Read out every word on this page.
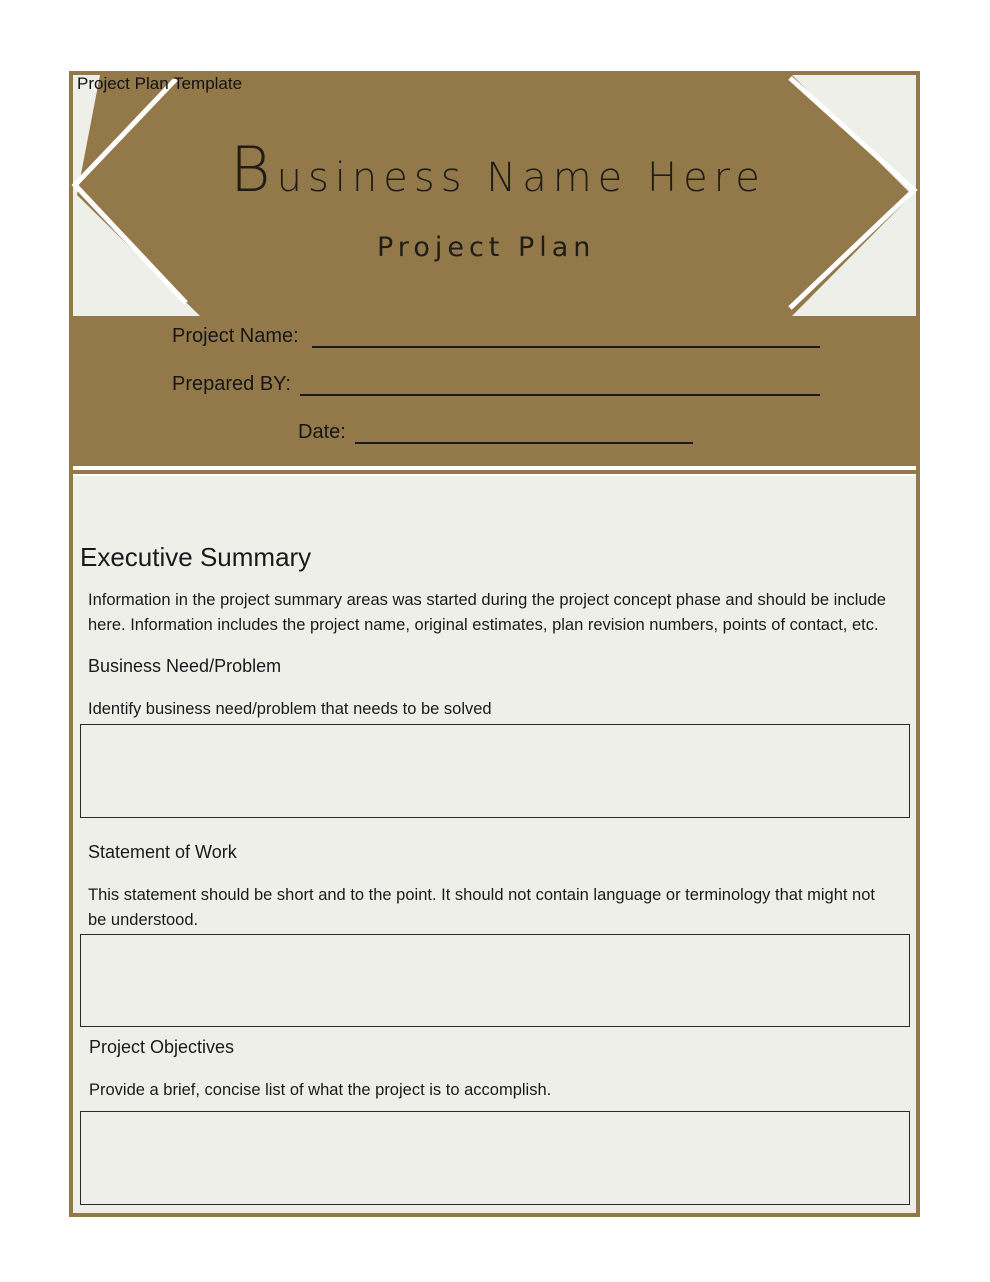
Project Plan Template
Business Name Here
Project Plan
Project Name:
Prepared BY:
Date:
Executive Summary
Information in the project summary areas was started during the project concept phase and should be include
here. Information includes the project name, original estimates, plan revision numbers, points of contact, etc.
Business Need/Problem
Identify business need/problem that needs to be solved
Statement of Work
This statement should be short and to the point. It should not contain language or terminology that might not
be understood.
Project Objectives
Provide a brief, concise list of what the project is to accomplish.
